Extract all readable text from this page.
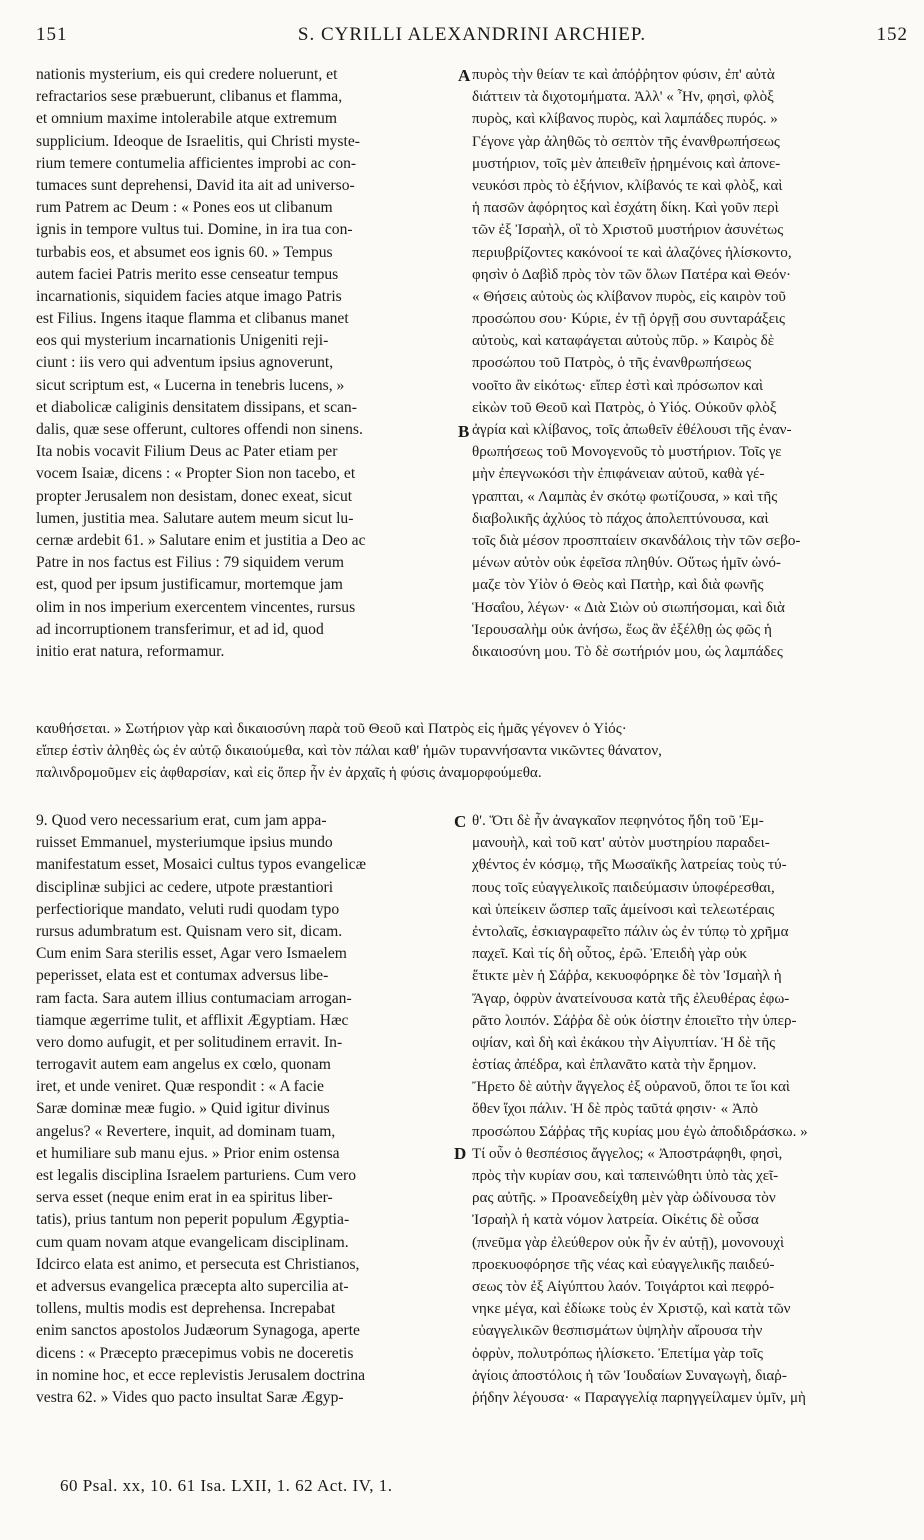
151	S. CYRILLI ALEXANDRINI ARCHIEP.	152
nationis mysterium, eis qui credere noluerunt, et
refractarios sese præbuerunt, clibanus et flamma,
et omnium maxime intolerabile atque extremum
supplicium. Ideoque de Israelitis, qui Christi myste-
rium temere contumelia afficientes improbi ac con-
tumaces sunt deprehensi, David ita ait ad universo-
rum Patrem ac Deum : « Pones eos ut clibanum
ignis in tempore vultus tui. Domine, in ira tua con-
turbabis eos, et absumet eos ignis 60. » Tempus
autem faciei Patris merito esse censeatur tempus
incarnationis, siquidem facies atque imago Patris
est Filius. Ingens itaque flamma et clibanus manet
eos qui mysterium incarnationis Unigeniti reji-
ciunt : iis vero qui adventum ipsius agnoverunt,
sicut scriptum est, « Lucerna in tenebris lucens, »
et diabolicæ caliginis densitatem dissipans, et scan-
dalis, quæ sese offerunt, cultores offendi non sinens.
Ita nobis vocavit Filium Deus ac Pater etiam per
vocem Isaiæ, dicens : « Propter Sion non tacebo, et
propter Jerusalem non desistam, donec exeat, sicut
lumen, justitia mea. Salutare autem meum sicut lu-
cernæ ardebit 61. » Salutare enim et justitia a Deo ac
Patre in nos factus est Filius : 79 siquidem verum
est, quod per ipsum justificamur, mortemque jam
olim in nos imperium exercentem vincentes, rursus
ad incorruptionem transferimur, et ad id, quod
initio erat natura, reformamur.
πυρὸς τὴν θείαν τε καὶ ἀπόῤῥητον φύσιν, ἐπ' αὐτὰ
διάττειν τὰ διχοτομήματα. Ἀλλ' « Ἦν, φησὶ, φλὸξ
πυρὸς, καὶ κλίβανος πυρὸς, καὶ λαμπάδες πυρός. »
Γέγονε γὰρ ἀληθῶς τὸ σεπτὸν τῆς ἐνανθρωπήσεως
μυστήριον, τοῖς μὲν ἀπειθεῖν ᾐρημένοις καὶ ἀπονε-
νευκόσι πρὸς τὸ ἐξήνιον, κλίβανός τε καὶ φλὸξ, καὶ
ἡ πασῶν ἀφόρητος καὶ ἐσχάτη δίκη. Καὶ γοῦν περὶ
τῶν ἐξ Ἰσραὴλ, οἳ τὸ Χριστοῦ μυστήριον ἀσυνέτως
περιυβρίζοντες κακόνοοί τε καὶ ἀλαζόνες ἡλίσκοντο,
φησὶν ὁ Δαβὶδ πρὸς τὸν τῶν ὅλων Πατέρα καὶ Θεόν·
« Θήσεις αὐτοὺς ὡς κλίβανον πυρὸς, εἰς καιρὸν τοῦ
προσώπου σου· Κύριε, ἐν τῇ ὀργῇ σου συνταράξεις
αὐτοὺς, καὶ καταφάγεται αὐτοὺς πῦρ. » Καιρὸς δὲ
προσώπου τοῦ Πατρὸς, ὁ τῆς ἐνανθρωπήσεως
νοοῖτο ἂν εἰκότως· εἴπερ ἐστὶ καὶ πρόσωπον καὶ
εἰκὼν τοῦ Θεοῦ καὶ Πατρὸς, ὁ Υἱός. Οὐκοῦν φλὸξ
ἀγρία καὶ κλίβανος, τοῖς ἀπωθεῖν ἐθέλουσι τῆς ἐναν-
θρωπήσεως τοῦ Μονογενοῦς τὸ μυστήριον. Τοῖς γε
μὴν ἐπεγνωκόσι τὴν ἐπιφάνειαν αὐτοῦ, καθὰ γέ-
γραπται, « Λαμπὰς ἐν σκότῳ φωτίζουσα, » καὶ τῆς
διαβολικῆς ἀχλύος τὸ πάχος ἀπολεπτύνουσα, καὶ
τοῖς διὰ μέσον προσπταίειν σκανδάλοις τὴν τῶν σεβο-
μένων αὐτὸν οὐκ ἐφεῖσα πληθύν. Οὕτως ἡμῖν ὠνό-
μαζε τὸν Υἱὸν ὁ Θεὸς καὶ Πατὴρ, καὶ διὰ φωνῆς
Ἡσαΐου, λέγων· « Διὰ Σιὼν οὐ σιωπήσομαι, καὶ διὰ
Ἱερουσαλὴμ οὐκ ἀνήσω, ἕως ἂν ἐξέλθῃ ὡς φῶς ἡ
δικαιοσύνη μου. Τὸ δὲ σωτήριόν μου, ὡς λαμπάδες
καυθήσεται. » Σωτήριον γὰρ καὶ δικαιοσύνη παρὰ τοῦ Θεοῦ καὶ Πατρὸς εἰς ἡμᾶς γέγονεν ὁ Υἱός·
εἴπερ ἐστὶν ἀληθὲς ὡς ἐν αὐτῷ δικαιούμεθα, καὶ τὸν πάλαι καθ' ἡμῶν τυραννήσαντα νικῶντες θάνατον,
παλινδρομοῦμεν εἰς ἀφθαρσίαν, καὶ εἰς ὅπερ ἦν ἐν ἀρχαῖς ἡ φύσις ἀναμορφούμεθα.
9. Quod vero necessarium erat, cum jam appa-
ruisset Emmanuel, mysteriumque ipsius mundo
manifestatum esset, Mosaici cultus typos evangelicæ
disciplinæ subjici ac cedere, utpote præstantiori
perfectiorique mandato, veluti rudi quodam typo
rursus adumbratum est. Quisnam vero sit, dicam.
Cum enim Sara sterilis esset, Agar vero Ismaelem
peperisset, elata est et contumax adversus libe-
ram facta. Sara autem illius contumaciam arrogan-
tiamque ægerrime tulit, et afflixit Ægyptiam. Hæc
vero domo aufugit, et per solitudinem erravit. In-
terrogavit autem eam angelus ex cœlo, quonam
iret, et unde veniret. Quæ respondit : « A facie
Saræ dominæ meæ fugio. » Quid igitur divinus
angelus? « Revertere, inquit, ad dominam tuam,
et humiliare sub manu ejus. » Prior enim ostensa
est legalis disciplina Israelem parturiens. Cum vero
serva esset (neque enim erat in ea spiritus liber-
tatis), prius tantum non peperit populum Ægyptia-
cum quam novam atque evangelicam disciplinam.
Idcirco elata est animo, et persecuta est Christianos,
et adversus evangelica præcepta alto supercilia at-
tollens, multis modis est deprehensa. Increpabat
enim sanctos apostolos Judæorum Synagoga, aperte
dicens : « Præcepto præcepimus vobis ne doceretis
in nomine hoc, et ecce replevistis Jerusalem doctrina
vestra 62. » Vides quo pacto insultat Saræ Ægyp-
θ'. Ὅτι δὲ ἦν ἀναγκαῖον πεφηνότος ἤδη τοῦ Ἐμ-
μανουὴλ, καὶ τοῦ κατ' αὐτὸν μυστηρίου παραδει-
χθέντος ἐν κόσμῳ, τῆς Μωσαϊκῆς λατρείας τοὺς τύ-
πους τοῖς εὐαγγελικοῖς παιδεύμασιν ὑποφέρεσθαι,
καὶ ὑπείκειν ὥσπερ ταῖς ἀμείνοσι καὶ τελεωτέραις
ἐντολαῖς, ἐσκιαγραφεῖτο πάλιν ὡς ἐν τύπῳ τὸ χρῆμα
παχεῖ. Καὶ τίς δὴ οὗτος, ἐρῶ. Ἐπειδὴ γὰρ οὐκ
ἔτικτε μὲν ἡ Σάῤῥα, κεκυοφόρηκε δὲ τὸν Ἰσμαὴλ ἡ
Ἄγαρ, ὀφρὺν ἀνατείνουσα κατὰ τῆς ἐλευθέρας ἐφω-
ρᾶτο λοιπόν. Σάῤῥα δὲ οὐκ ὀίστην ἐποιεῖτο τὴν ὑπερ-
οψίαν, καὶ δὴ καὶ ἐκάκου τὴν Αἰγυπτίαν. Ἡ δὲ τῆς
ἑστίας ἀπέδρα, καὶ ἐπλανᾶτο κατὰ τὴν ἔρημον.
Ἤρετο δὲ αὐτὴν ἄγγελος ἐξ οὐρανοῦ, ὅποι τε ἴοι καὶ
ὅθεν ἴχοι πάλιν. Ἡ δὲ πρὸς ταῦτά φησιν· « Ἀπὸ
προσώπου Σάῤῥας τῆς κυρίας μου ἐγὼ ἀποδιδράσκω. »
Τί οὖν ὁ θεσπέσιος ἄγγελος; « Ἀποστράφηθι, φησὶ,
πρὸς τὴν κυρίαν σου, καὶ ταπεινώθητι ὑπὸ τὰς χεῖ-
ρας αὐτῆς. » Προανεδείχθη μὲν γὰρ ὠδίνουσα τὸν
Ἰσραὴλ ἡ κατὰ νόμον λατρεία. Οἰκέτις δὲ οὖσα
(πνεῦμα γὰρ ἐλεύθερον οὐκ ἦν ἐν αὐτῇ), μονονουχὶ
προεκυοφόρησε τῆς νέας καὶ εὐαγγελικῆς παιδεύ-
σεως τὸν ἐξ Αἰγύπτου λαόν. Τοιγάρτοι καὶ πεφρό-
νηκε μέγα, καὶ ἐδίωκε τοὺς ἐν Χριστῷ, καὶ κατὰ τῶν
εὐαγγελικῶν θεσπισμάτων ὑψηλὴν αἴρουσα τὴν
ὀφρὺν, πολυτρόπως ἡλίσκετο. Ἐπετίμα γὰρ τοῖς
ἁγίοις ἀποστόλοις ἡ τῶν Ἰουδαίων Συναγωγὴ, διαῤ-
ῥήδην λέγουσα· « Παραγγελίᾳ παρηγγείλαμεν ὑμῖν, μὴ
A
B
C
D
60 Psal. xx, 10. 61 Isa. LXII, 1. 62 Act. IV, 1.
